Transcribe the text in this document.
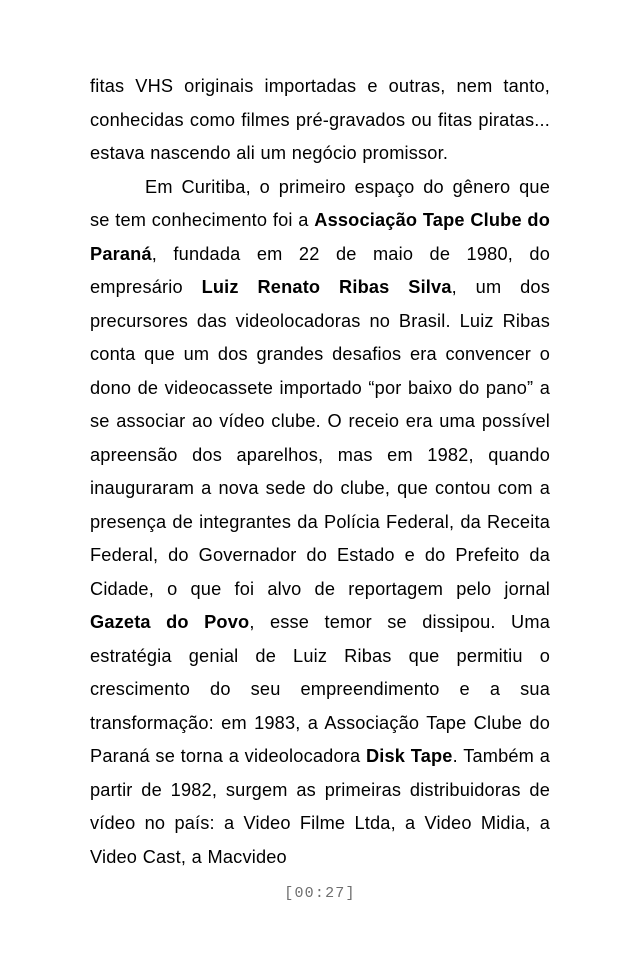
fitas VHS originais importadas e outras, nem tanto, conhecidas como filmes pré-gravados ou fitas piratas... estava nascendo ali um negócio promissor.

Em Curitiba, o primeiro espaço do gênero que se tem conhecimento foi a Associação Tape Clube do Paraná, fundada em 22 de maio de 1980, do empresário Luiz Renato Ribas Silva, um dos precursores das videolocadoras no Brasil. Luiz Ribas conta que um dos grandes desafios era convencer o dono de videocassete importado “por baixo do pano” a se associar ao vídeo clube. O receio era uma possível apreensão dos aparelhos, mas em 1982, quando inauguraram a nova sede do clube, que contou com a presença de integrantes da Polícia Federal, da Receita Federal, do Governador do Estado e do Prefeito da Cidade, o que foi alvo de reportagem pelo jornal Gazeta do Povo, esse temor se dissipou. Uma estratégia genial de Luiz Ribas que permitiu o crescimento do seu empreendimento e a sua transformação: em 1983, a Associação Tape Clube do Paraná se torna a videolocadora Disk Tape. Também a partir de 1982, surgem as primeiras distribuidoras de vídeo no país: a Video Filme Ltda, a Video Midia, a Video Cast, a Macvideo

[00:27]
